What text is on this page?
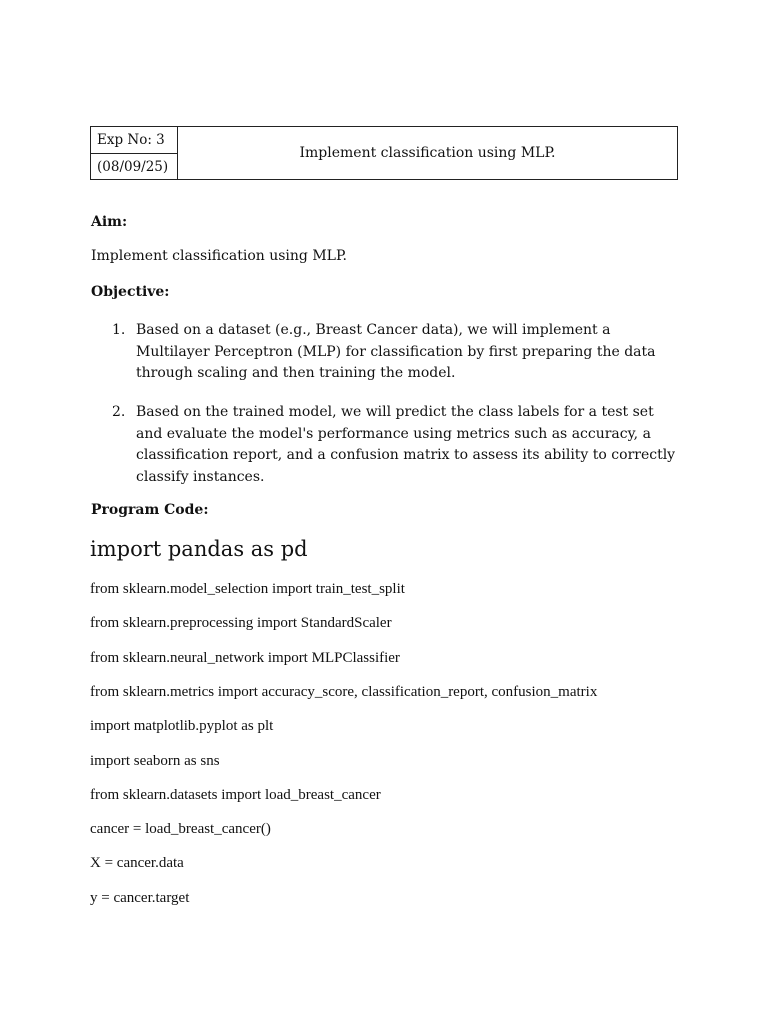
Exp No: 3
(08/09/25)
Implement classification using MLP.
Aim:
Implement classification using MLP.
Objective:
1. Based on a dataset (e.g., Breast Cancer data), we will implement a Multilayer Perceptron (MLP) for classification by first preparing the data through scaling and then training the model.
2. Based on the trained model, we will predict the class labels for a test set and evaluate the model's performance using metrics such as accuracy, a classification report, and a confusion matrix to assess its ability to correctly classify instances.
Program Code:
import pandas as pd
from sklearn.model_selection import train_test_split
from sklearn.preprocessing import StandardScaler
from sklearn.neural_network import MLPClassifier
from sklearn.metrics import accuracy_score, classification_report, confusion_matrix
import matplotlib.pyplot as plt
import seaborn as sns
from sklearn.datasets import load_breast_cancer
cancer = load_breast_cancer()
X = cancer.data
y = cancer.target
